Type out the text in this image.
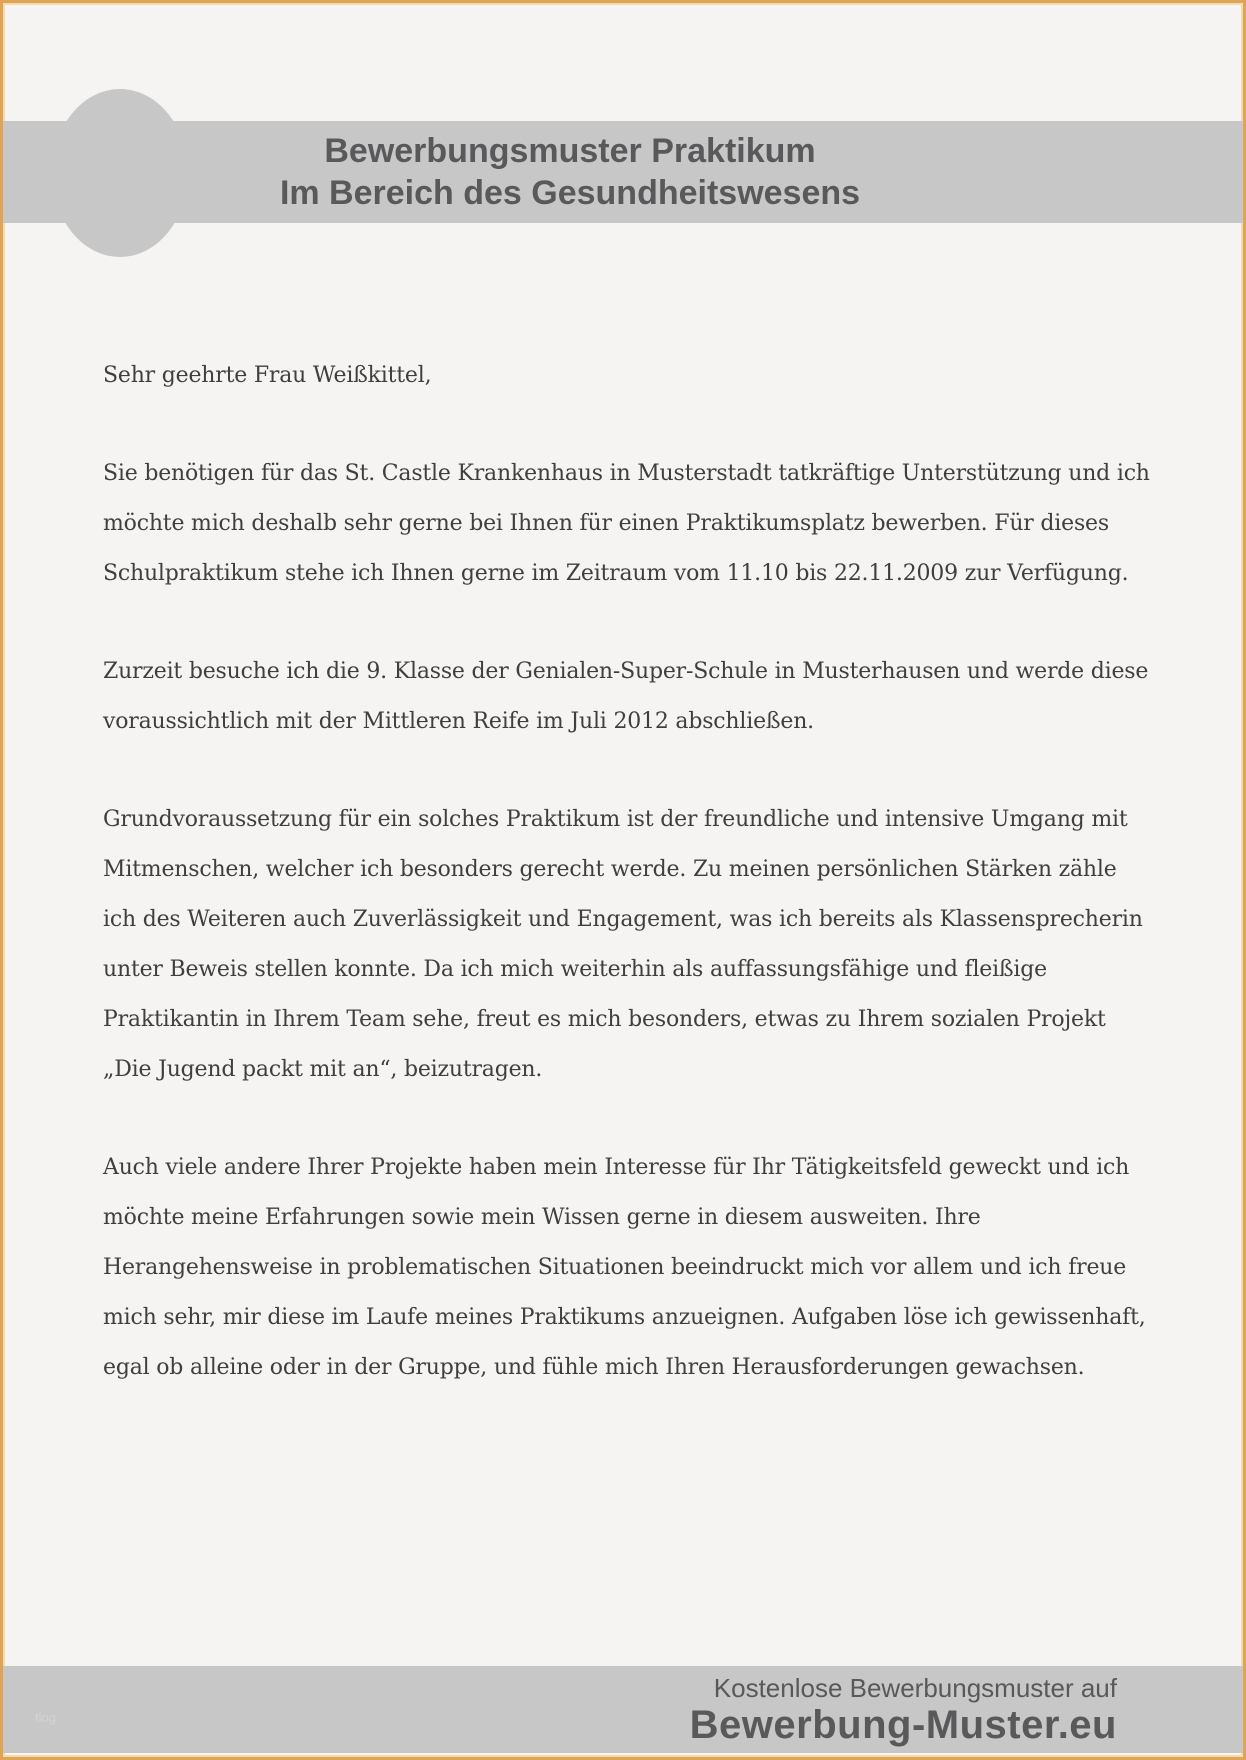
Bewerbungsmuster Praktikum
Im Bereich des Gesundheitswesens

Sehr geehrte Frau Weißkittel,

Sie benötigen für das St. Castle Krankenhaus in Musterstadt tatkräftige Unterstützung und ich möchte mich deshalb sehr gerne bei Ihnen für einen Praktikumsplatz bewerben. Für dieses Schulpraktikum stehe ich Ihnen gerne im Zeitraum vom 11.10 bis 22.11.2009 zur Verfügung.

Zurzeit besuche ich die 9. Klasse der Genialen-Super-Schule in Musterhausen und werde diese voraussichtlich mit der Mittleren Reife im Juli 2012 abschließen.

Grundvoraussetzung für ein solches Praktikum ist der freundliche und intensive Umgang mit Mitmenschen, welcher ich besonders gerecht werde. Zu meinen persönlichen Stärken zähle ich des Weiteren auch Zuverlässigkeit und Engagement, was ich bereits als Klassensprecherin unter Beweis stellen konnte. Da ich mich weiterhin als auffassungsfähige und fleißige Praktikantin in Ihrem Team sehe, freut es mich besonders, etwas zu Ihrem sozialen Projekt „Die Jugend packt mit an“, beizutragen.

Auch viele andere Ihrer Projekte haben mein Interesse für Ihr Tätigkeitsfeld geweckt und ich möchte meine Erfahrungen sowie mein Wissen gerne in diesem ausweiten. Ihre Herangehensweise in problematischen Situationen beeindruckt mich vor allem und ich freue mich sehr, mir diese im Laufe meines Praktikums anzueignen. Aufgaben löse ich gewissenhaft, egal ob alleine oder in der Gruppe, und fühle mich Ihren Herausforderungen gewachsen.

tlog
Kostenlose Bewerbungsmuster auf
Bewerbung-Muster.eu
